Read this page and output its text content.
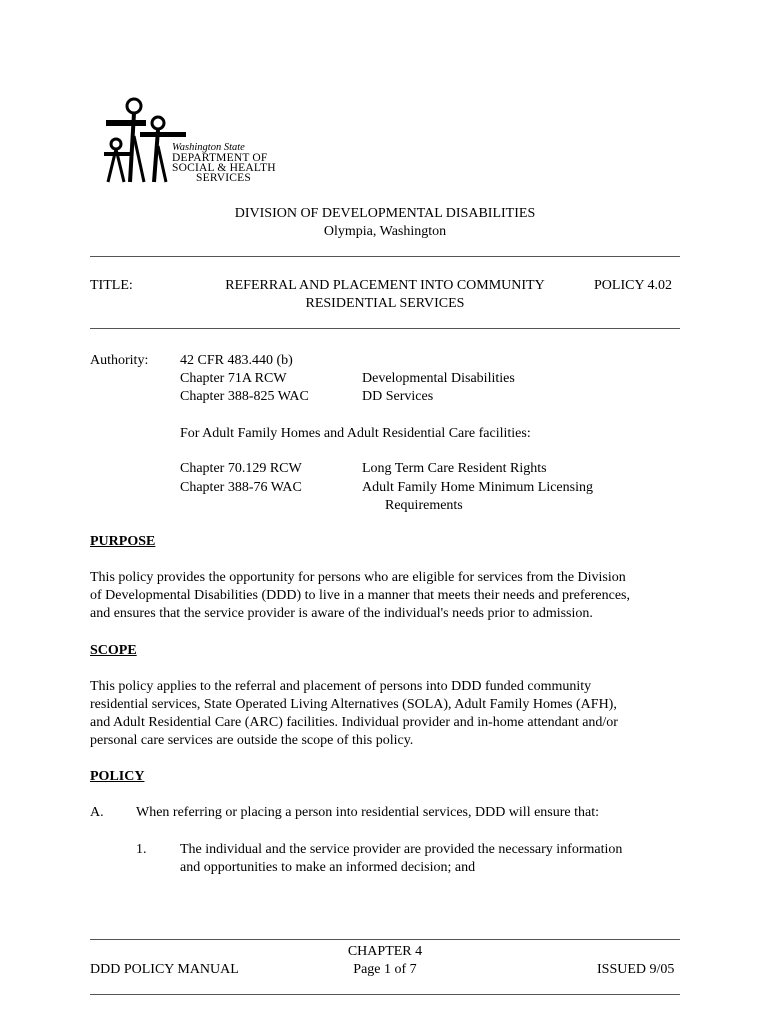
Washington State
DEPARTMENT OF
SOCIAL & HEALTH
SERVICES
DIVISION OF DEVELOPMENTAL DISABILITIES
Olympia, Washington
TITLE:	REFERRAL AND PLACEMENT INTO COMMUNITY
RESIDENTIAL SERVICES
POLICY 4.02
Authority: 42 CFR 483.440 (b)
Chapter 71A RCW	Developmental Disabilities
Chapter 388-825 WAC	DD Services
For Adult Family Homes and Adult Residential Care facilities:
Chapter 70.129 RCW	Long Term Care Resident Rights
Chapter 388-76 WAC	Adult Family Home Minimum Licensing
Requirements
PURPOSE
This policy provides the opportunity for persons who are eligible for services from the Division
of Developmental Disabilities (DDD) to live in a manner that meets their needs and preferences,
and ensures that the service provider is aware of the individual's needs prior to admission.
SCOPE
This policy applies to the referral and placement of persons into DDD funded community
residential services, State Operated Living Alternatives (SOLA), Adult Family Homes (AFH),
and Adult Residential Care (ARC) facilities. Individual provider and in-home attendant and/or
personal care services are outside the scope of this policy.
POLICY
A. When referring or placing a person into residential services, DDD will ensure that:
1. The individual and the service provider are provided the necessary information
and opportunities to make an informed decision; and
DDD POLICY MANUAL
CHAPTER 4
Page 1 of 7	ISSUED 9/05
